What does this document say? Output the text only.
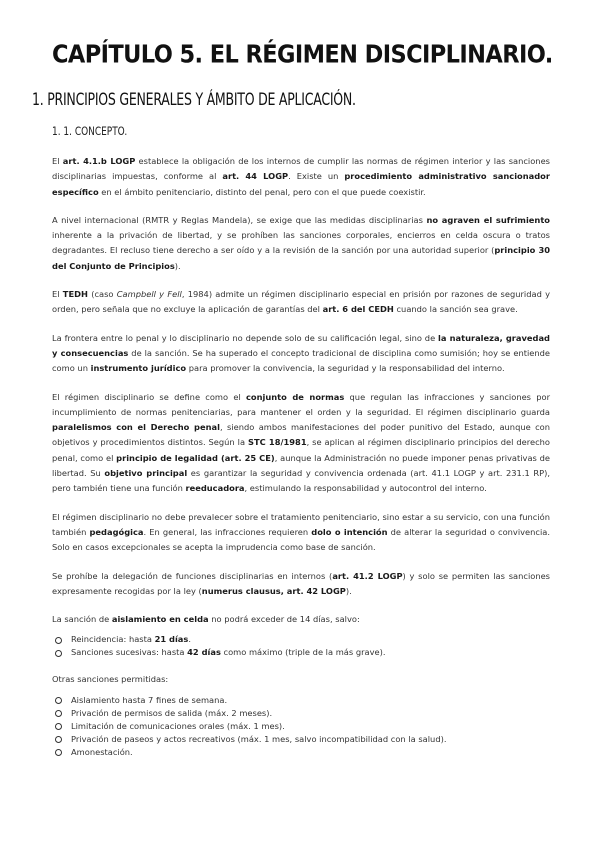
CAPÍTULO 5. EL RÉGIMEN DISCIPLINARIO.
1. PRINCIPIOS GENERALES Y ÁMBITO DE APLICACIÓN.
1. 1. CONCEPTO.

El art. 4.1.b LOGP establece la obligación de los internos de cumplir las normas de régimen interior y las sanciones disciplinarias impuestas, conforme al art. 44 LOGP. Existe un procedimiento administrativo sancionador específico en el ámbito penitenciario, distinto del penal, pero con el que puede coexistir.

A nivel internacional (RMTR y Reglas Mandela), se exige que las medidas disciplinarias no agraven el sufrimiento inherente a la privación de libertad, y se prohíben las sanciones corporales, encierros en celda oscura o tratos degradantes. El recluso tiene derecho a ser oído y a la revisión de la sanción por una autoridad superior (principio 30 del Conjunto de Principios).

El TEDH (caso Campbell y Fell, 1984) admite un régimen disciplinario especial en prisión por razones de seguridad y orden, pero señala que no excluye la aplicación de garantías del art. 6 del CEDH cuando la sanción sea grave.

La frontera entre lo penal y lo disciplinario no depende solo de su calificación legal, sino de la naturaleza, gravedad y consecuencias de la sanción. Se ha superado el concepto tradicional de disciplina como sumisión; hoy se entiende como un instrumento jurídico para promover la convivencia, la seguridad y la responsabilidad del interno.

El régimen disciplinario se define como el conjunto de normas que regulan las infracciones y sanciones por incumplimiento de normas penitenciarias, para mantener el orden y la seguridad. El régimen disciplinario guarda paralelismos con el Derecho penal, siendo ambos manifestaciones del poder punitivo del Estado, aunque con objetivos y procedimientos distintos. Según la STC 18/1981, se aplican al régimen disciplinario principios del derecho penal, como el principio de legalidad (art. 25 CE), aunque la Administración no puede imponer penas privativas de libertad. Su objetivo principal es garantizar la seguridad y convivencia ordenada (art. 41.1 LOGP y art. 231.1 RP), pero también tiene una función reeducadora, estimulando la responsabilidad y autocontrol del interno.

El régimen disciplinario no debe prevalecer sobre el tratamiento penitenciario, sino estar a su servicio, con una función también pedagógica. En general, las infracciones requieren dolo o intención de alterar la seguridad o convivencia. Solo en casos excepcionales se acepta la imprudencia como base de sanción.

Se prohíbe la delegación de funciones disciplinarias en internos (art. 41.2 LOGP) y solo se permiten las sanciones expresamente recogidas por la ley (numerus clausus, art. 42 LOGP).

La sanción de aislamiento en celda no podrá exceder de 14 días, salvo:

Reincidencia: hasta 21 días.
Sanciones sucesivas: hasta 42 días como máximo (triple de la más grave).

Otras sanciones permitidas:

Aislamiento hasta 7 fines de semana.
Privación de permisos de salida (máx. 2 meses).
Limitación de comunicaciones orales (máx. 1 mes).
Privación de paseos y actos recreativos (máx. 1 mes, salvo incompatibilidad con la salud).
Amonestación.
